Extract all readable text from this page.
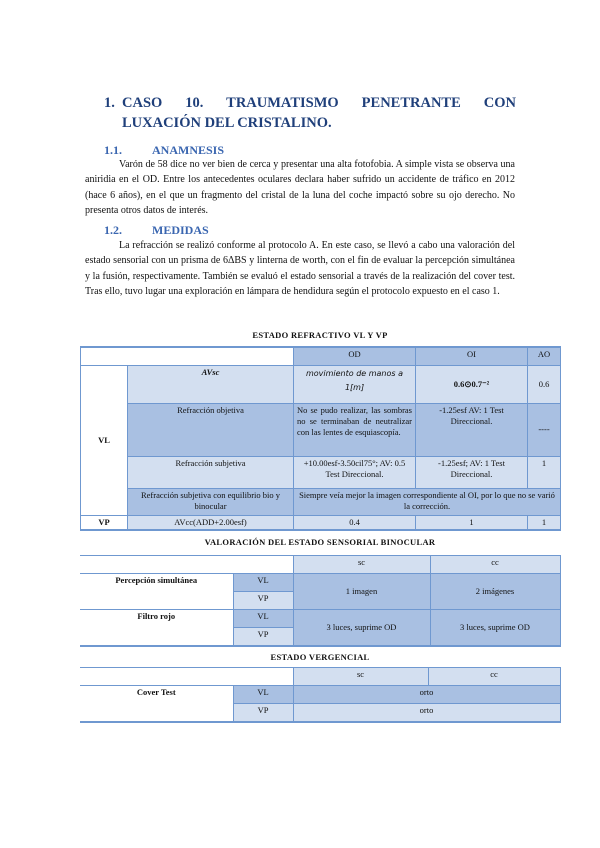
1. CASO 10. TRAUMATISMO PENETRANTE CON LUXACIÓN DEL CRISTALINO.
1.1.	ANAMNESIS
Varón de 58 dice no ver bien de cerca y presentar una alta fotofobia. A simple vista se observa una aniridia en el OD. Entre los antecedentes oculares declara haber sufrido un accidente de tráfico en 2012 (hace 6 años), en el que un fragmento del cristal de la luna del coche impactó sobre su ojo derecho. No presenta otros datos de interés.
1.2.	MEDIDAS
La refracción se realizó conforme al protocolo A. En este caso, se llevó a cabo una valoración del estado sensorial con un prisma de 6ΔBS y linterna de worth, con el fin de evaluar la percepción simultánea y la fusión, respectivamente. También se evaluó el estado sensorial a través de la realización del cover test. Tras ello, tuvo lugar una exploración en lámpara de hendidura según el protocolo expuesto en el caso 1.
ESTADO REFRACTIVO VL Y VP
		OD	OI	AO
VL	AVsc	movimiento de manos a 1[m]	0.6⊙0.7⁻²	0.6
	Refracción objetiva	No se pudo realizar, las sombras no se terminaban de neutralizar con las lentes de esquiascopía.	-1.25esf AV: 1 Test Direccional.	----
	Refracción subjetiva	+10.00esf-3.50cil75°; AV: 0.5 Test Direccional.	-1.25esf; AV: 1 Test Direccional.	1
	Refracción subjetiva con equilibrio bio y binocular	Siempre veía mejor la imagen correspondiente al OI, por lo que no se varió la corrección.		
VP	AVcc(ADD+2.00esf)	0.4	1	1
VALORACIÓN DEL ESTADO SENSORIAL BINOCULAR
		sc	cc
Percepción simultánea	VL	1 imagen	2 imágenes
	VP		
Filtro rojo	VL	3 luces, suprime OD	3 luces, suprime OD
	VP		
ESTADO VERGENCIAL
		sc	cc
Cover Test	VL	orto	
	VP	orto	
